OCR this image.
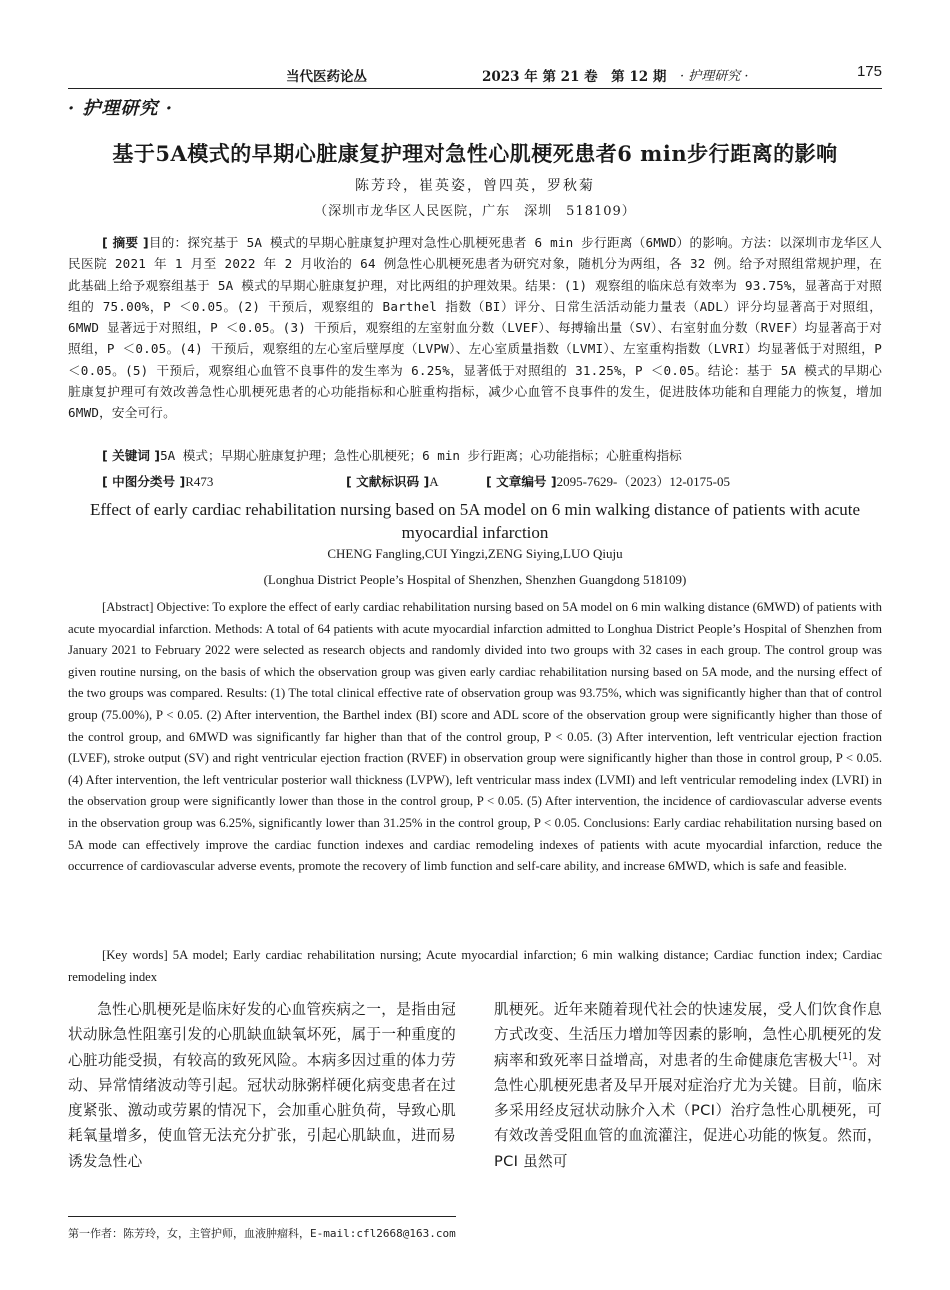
当代医药论丛	2023 年 第 21 卷　第 12 期 · 护理研究 ·	175
· 护理研究 ·
基于5A模式的早期心脏康复护理对急性心肌梗死患者6 min步行距离的影响
陈芳玲，崔英姿，曾四英，罗秋菊
（深圳市龙华区人民医院，广东　深圳　518109）
[ 摘要 ]目的：探究基于 5A 模式的早期心脏康复护理对急性心肌梗死患者 6 min 步行距离（6MWD）的影响。方法：以深圳市龙华区人民医院 2021 年 1 月至 2022 年 2 月收治的 64 例急性心肌梗死患者为研究对象，随机分为两组，各 32 例。给予对照组常规护理，在此基础上给予观察组基于 5A 模式的早期心脏康复护理，对比两组的护理效果。结果：(1) 观察组的临床总有效率为 93.75%，显著高于对照组的 75.00%，P ＜0.05。(2) 干预后，观察组的 Barthel 指数（BI）评分、日常生活活动能力量表（ADL）评分均显著高于对照组，6MWD 显著远于对照组，P ＜0.05。(3) 干预后，观察组的左室射血分数（LVEF）、每搏输出量（SV）、右室射血分数（RVEF）均显著高于对照组，P ＜0.05。(4) 干预后，观察组的左心室后壁厚度（LVPW）、左心室质量指数（LVMI）、左室重构指数（LVRI）均显著低于对照组，P ＜0.05。(5) 干预后，观察组心血管不良事件的发生率为 6.25%，显著低于对照组的 31.25%，P ＜0.05。结论：基于 5A 模式的早期心脏康复护理可有效改善急性心肌梗死患者的心功能指标和心脏重构指标，减少心血管不良事件的发生，促进肢体功能和自理能力的恢复，增加 6MWD，安全可行。
[ 关键词 ]5A 模式；早期心脏康复护理；急性心肌梗死；6 min 步行距离；心功能指标；心脏重构指标
[ 中图分类号 ]R473	[ 文献标识码 ]A	[ 文章编号 ]2095-7629-（2023）12-0175-05
Effect of early cardiac rehabilitation nursing based on 5A model on 6 min walking distance of patients with acute myocardial infarction
CHENG Fangling,CUI Yingzi,ZENG Siying,LUO Qiuju
(Longhua District People’s Hospital of Shenzhen, Shenzhen Guangdong 518109)
[Abstract] Objective: To explore the effect of early cardiac rehabilitation nursing based on 5A model on 6 min walking distance (6MWD) of patients with acute myocardial infarction. Methods: A total of 64 patients with acute myocardial infarction admitted to Longhua District People’s Hospital of Shenzhen from January 2021 to February 2022 were selected as research objects and randomly divided into two groups with 32 cases in each group. The control group was given routine nursing, on the basis of which the observation group was given early cardiac rehabilitation nursing based on 5A mode, and the nursing effect of the two groups was compared. Results: (1) The total clinical effective rate of observation group was 93.75%, which was significantly higher than that of control group (75.00%), P < 0.05. (2) After intervention, the Barthel index (BI) score and ADL score of the observation group were significantly higher than those of the control group, and 6MWD was significantly far higher than that of the control group, P < 0.05. (3) After intervention, left ventricular ejection fraction (LVEF), stroke output (SV) and right ventricular ejection fraction (RVEF) in observation group were significantly higher than those in control group, P < 0.05. (4) After intervention, the left ventricular posterior wall thickness (LVPW), left ventricular mass index (LVMI) and left ventricular remodeling index (LVRI) in the observation group were significantly lower than those in the control group, P < 0.05. (5) After intervention, the incidence of cardiovascular adverse events in the observation group was 6.25%, significantly lower than 31.25% in the control group, P < 0.05. Conclusions: Early cardiac rehabilitation nursing based on 5A mode can effectively improve the cardiac function indexes and cardiac remodeling indexes of patients with acute myocardial infarction, reduce the occurrence of cardiovascular adverse events, promote the recovery of limb function and self-care ability, and increase 6MWD, which is safe and feasible.
[Key words] 5A model; Early cardiac rehabilitation nursing; Acute myocardial infarction; 6 min walking distance; Cardiac function index; Cardiac remodeling index

急性心肌梗死是临床好发的心血管疾病之一，是指由冠状动脉急性阻塞引发的心肌缺血缺氧坏死，属于一种重度的心脏功能受损，有较高的致死风险。本病多因过重的体力劳动、异常情绪波动等引起。冠状动脉粥样硬化病变患者在过度紧张、激动或劳累的情况下，会加重心脏负荷，导致心肌耗氧量增多，使血管无法充分扩张，引起心肌缺血，进而易诱发急性心

肌梗死。近年来随着现代社会的快速发展，受人们饮食作息方式改变、生活压力增加等因素的影响，急性心肌梗死的发病率和致死率日益增高，对患者的生命健康危害极大[1]。对急性心肌梗死患者及早开展对症治疗尤为关键。目前，临床多采用经皮冠状动脉介入术（PCI）治疗急性心肌梗死，可有效改善受阻血管的血流灌注，促进心功能的恢复。然而，PCI 虽然可

第一作者：陈芳玲，女，主管护师，血液肿瘤科，E-mail:cfl2668@163.com
